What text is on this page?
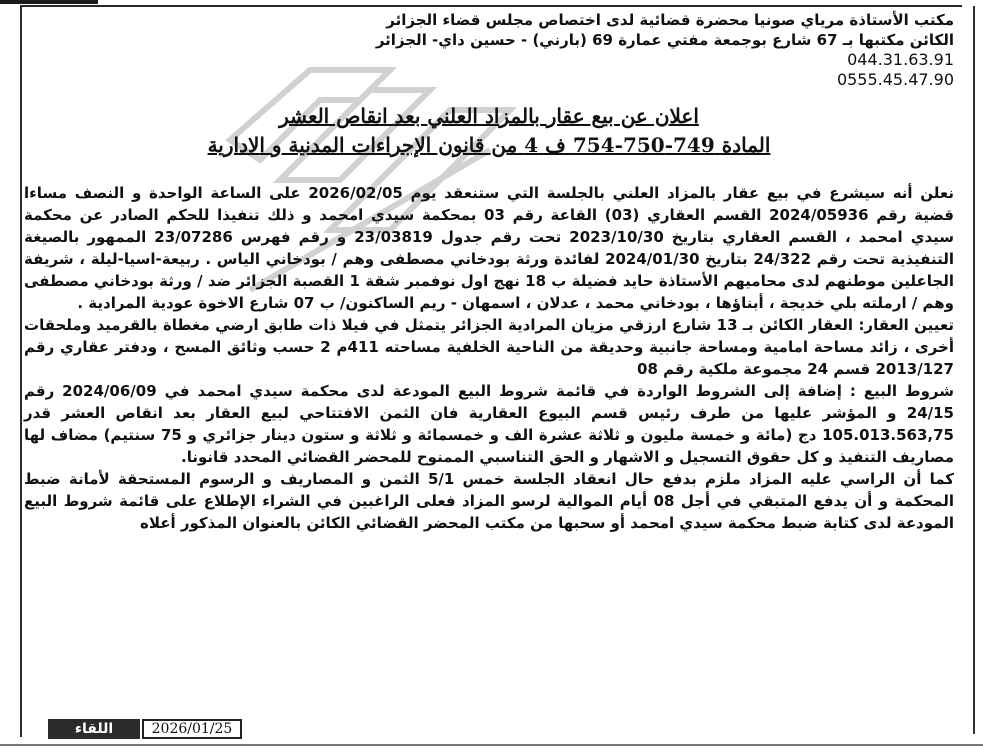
مكتب الأستاذة مرياي صونيا محضرة قضائية لدى اختصاص مجلس قضاء الجزائر

الكائن مكتبها بـ 67 شارع بوجمعة مفتي عمارة 69 (بارني) - حسين داي- الجزائر

044.31.63.91

0555.45.47.90

اعلان عن بيع عقار بالمزاد العلني بعد انقاص العشر
المادة 749-750-754 ف 4 من قانون الإجراءات المدنية و الادارية

نعلن أنه سيشرع في بيع عقار بالمزاد العلني بالجلسة التي ستنعقد يوم 2026/02/05 على الساعة الواحدة و النصف مساءا قضية رقم 2024/05936 القسم العقاري (03) القاعة رقم 03 بمحكمة سيدي امحمد و ذلك تنفيذا للحكم الصادر عن محكمة سيدي امحمد ، القسم العقاري بتاريخ 2023/10/30 تحت رقم جدول 23/03819 و رقم فهرس 23/07286 الممهور بالصيغة التنفيذية تحت رقم 24/322 بتاريخ 2024/01/30 لفائدة ورثة بودخاني مصطفى وهم / بودخاني الياس . ربيعة-اسيا-ليلة ، شريفة الجاعلين موطنهم لدى محاميهم الأستاذة حايد فضيلة ب 18 نهج اول نوفمبر شقة 1 القصبة الجزائر ضد / ورثة بودخاني مصطفى وهم / ارملته بلي خديجة ، أبناؤها ، بودخاني محمد ، عدلان ، اسمهان - ريم الساكنون/ ب 07 شارع الاخوة عودية المرادية .

تعيين العقار: العقار الكائن بـ 13 شارع ارزقي مزيان المرادية الجزائر يتمثل في فيلا ذات طابق ارضي مغطاة بالقرميد وملحقات أخرى ، زائد مساحة امامية ومساحة جانبية وحديقة من الناحية الخلفية مساحته 411م 2 حسب وثائق المسح ، ودفتر عقاري رقم 2013/127 قسم 24 مجموعة ملكية رقم 08

شروط البيع : إضافة إلى الشروط الواردة في قائمة شروط البيع المودعة لدى محكمة سيدي امحمد في 2024/06/09 رقم 24/15 و المؤشر عليها من طرف رئيس قسم البيوع العقارية فان الثمن الافتتاحي لبيع العقار بعد انقاص العشر قدر 105.013.563,75 دج (مائة و خمسة مليون و ثلاثة عشرة الف و خمسمائة و ثلاثة و ستون دينار جزائري و 75 سنتيم) مضاف لها مصاريف التنفيذ و كل حقوق التسجيل و الاشهار و الحق التناسبي الممنوح للمحضر القضائي المحدد قانونا.

كما أن الراسي عليه المزاد ملزم بدفع حال انعقاد الجلسة خمس 5/1 الثمن و المصاريف و الرسوم المستحقة لأمانة ضبط المحكمة و أن يدفع المتبقي في أجل 08 أيام الموالية لرسو المزاد فعلى الراغبين في الشراء الإطلاع على قائمة شروط البيع المودعة لدى كتابة ضبط محكمة سيدي امحمد أو سحبها من مكتب المحضر القضائي الكائن بالعنوان المذكور أعلاه

اللقاء	2026/01/25
